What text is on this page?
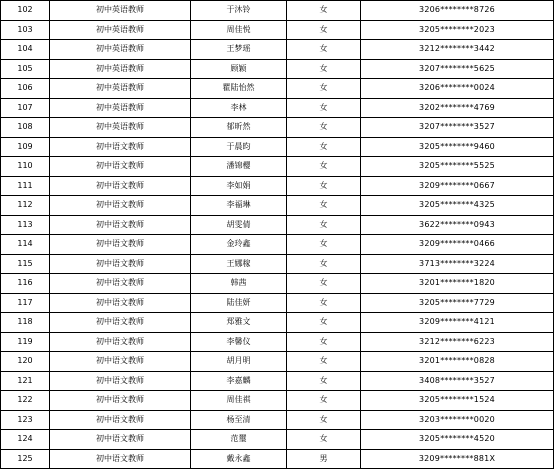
102	初中英语教师	于沐铃	女	3206********8726
103	初中英语教师	周佳悦	女	3205********2023
104	初中英语教师	王梦瑶	女	3212********3442
105	初中英语教师	顾颖	女	3207********5625
106	初中英语教师	瞿陆怡然	女	3206********0024
107	初中英语教师	李林	女	3202********4769
108	初中英语教师	郁昕然	女	3207********3527
109	初中语文教师	于晨昀	女	3205********9460
110	初中语文教师	潘锦櫻	女	3205********5525
111	初中语文教师	李如娟	女	3209********0667
112	初中语文教师	李福琳	女	3205********4325
113	初中语文教师	胡雯倩	女	3622********0943
114	初中语文教师	金玲鑫	女	3209********0466
115	初中语文教师	王娜稼	女	3713********3224
116	初中语文教师	韩茜	女	3201********1820
117	初中语文教师	陆佳妍	女	3205********7729
118	初中语文教师	郑雅文	女	3209********4121
119	初中语文教师	李馨仪	女	3212********6223
120	初中语文教师	胡月明	女	3201********0828
121	初中语文教师	李嘉麟	女	3408********3527
122	初中语文教师	周佳祺	女	3205********1524
123	初中语文教师	杨至清	女	3203********0020
124	初中语文教师	范璽	女	3205********4520
125	初中语文教师	戴永鑫	男	3209********881X
